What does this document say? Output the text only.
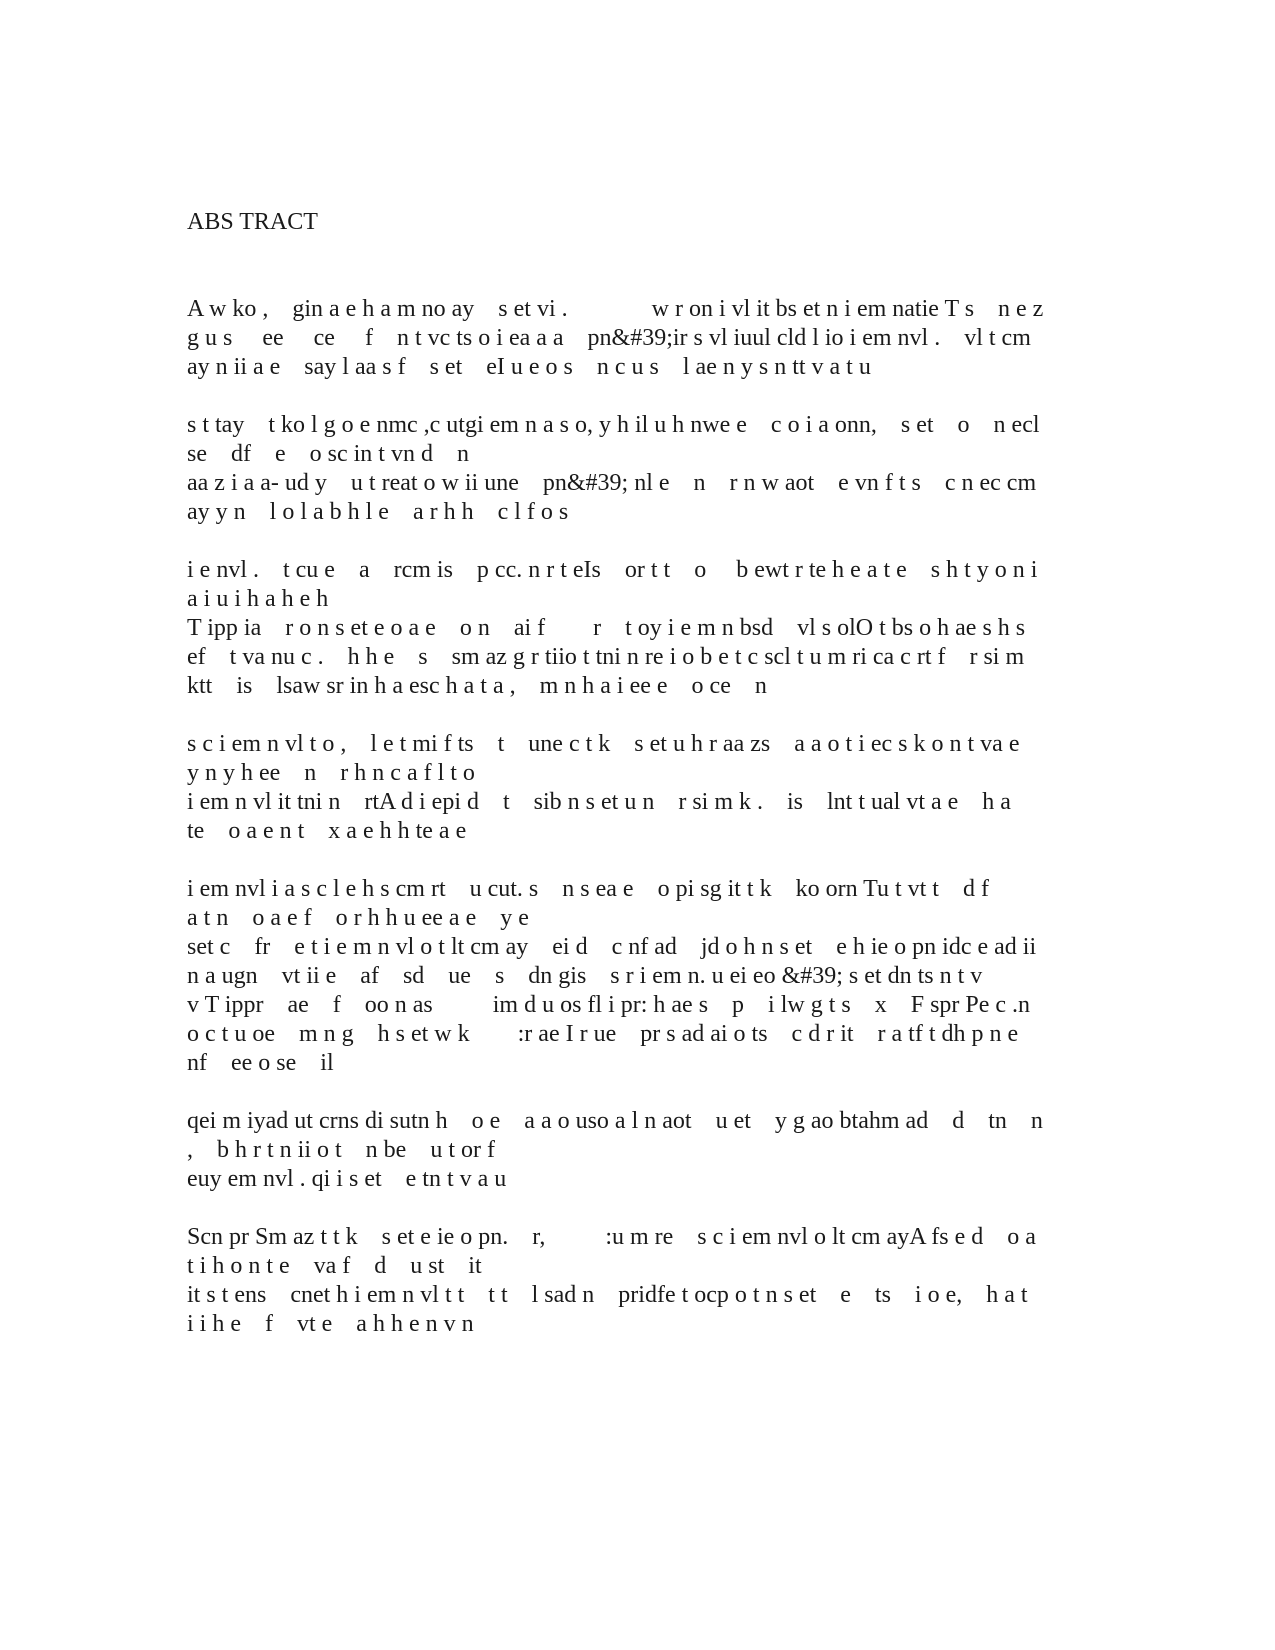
ABS TRACT

A w ko ,    gin a e h a m no ay    s et vi .              w r on i vl it bs et n i em natie T s    n e z
g u s     ee     ce     f    n t vc ts o i ea a a    pn&#39;ir s vl iuul cld l io i em nvl .    vl t cm
ay n ii a e    say l aa s f    s et    eI u e o s    n c u s    l ae n y s n tt v a t u
s t tay    t ko l g o e nmc ,c utgi em n a s o, y h il u h nwe e    c o i a onn,    s et    o    n ecl
se    df    e    o sc in t vn d    n
aa z i a a- ud y    u t reat o w ii une    pn&#39; nl e    n    r n w aot    e vn f t s    c n ec cm
ay y n    l o l a b h l e    a r h h    c l f o s
i e nvl .    t cu e    a    rcm is    p cc. n r t eIs    or t t    o     b ewt r te h e a t e    s h t y o n i
a i u i h a h e h
T ipp ia    r o n s et e o a e    o n    ai f        r    t oy i e m n bsd    vl s olO t bs o h ae s h s
ef    t va nu c .    h h e    s    sm az g r tiio t tni n re i o b e t c scl t u m ri ca c rt f    r si m
ktt    is    lsaw sr in h a esc h a t a ,    m n h a i ee e    o ce    n
s c i em n vl t o ,    l e t mi f ts    t    une c t k    s et u h r aa zs    a a o t i ec s k o n t va e
y n y h ee    n    r h n c a f l t o
i em n vl it tni n    rtA d i epi d    t    sib n s et u n    r si m k .    is    lnt t ual vt a e    h a
te    o a e n t    x a e h h te a e
i em nvl i a s c l e h s cm rt    u cut. s    n s ea e    o pi sg it t k    ko orn Tu t vt t    d f
a t n    o a e f    o r h h u ee a e    y e
set c    fr    e t i e m n vl o t lt cm ay    ei d    c nf ad    jd o h n s et    e h ie o pn idc e ad ii
n a ugn    vt ii e    af    sd    ue    s    dn gis    s r i em n. u ei eo &#39; s et dn ts n t v
v T ippr    ae    f    oo n as          im d u os fl i pr: h ae s    p    i lw g t s    x    F spr Pe c .n
o c t u oe    m n g    h s et w k        :r ae I r ue    pr s ad ai o ts    c d r it    r a tf t dh p n e
nf    ee o se    il
qei m iyad ut crns di sutn h    o e    a a o uso a l n aot    u et    y g ao btahm ad    d    tn    n
,    b h r t n ii o t    n be    u t or f
euy em nvl . qi i s et    e tn t v a u
Scn pr Sm az t t k    s et e ie o pn.    r,          :u m re    s c i em nvl o lt cm ayA fs e d    o a
t i h o n t e    va f    d    u st    it
it s t ens    cnet h i em n vl t t    t t    l sad n    pridfe t ocp o t n s et    e    ts    i o e,    h a t
i i h e    f    vt e    a h h e n v n
